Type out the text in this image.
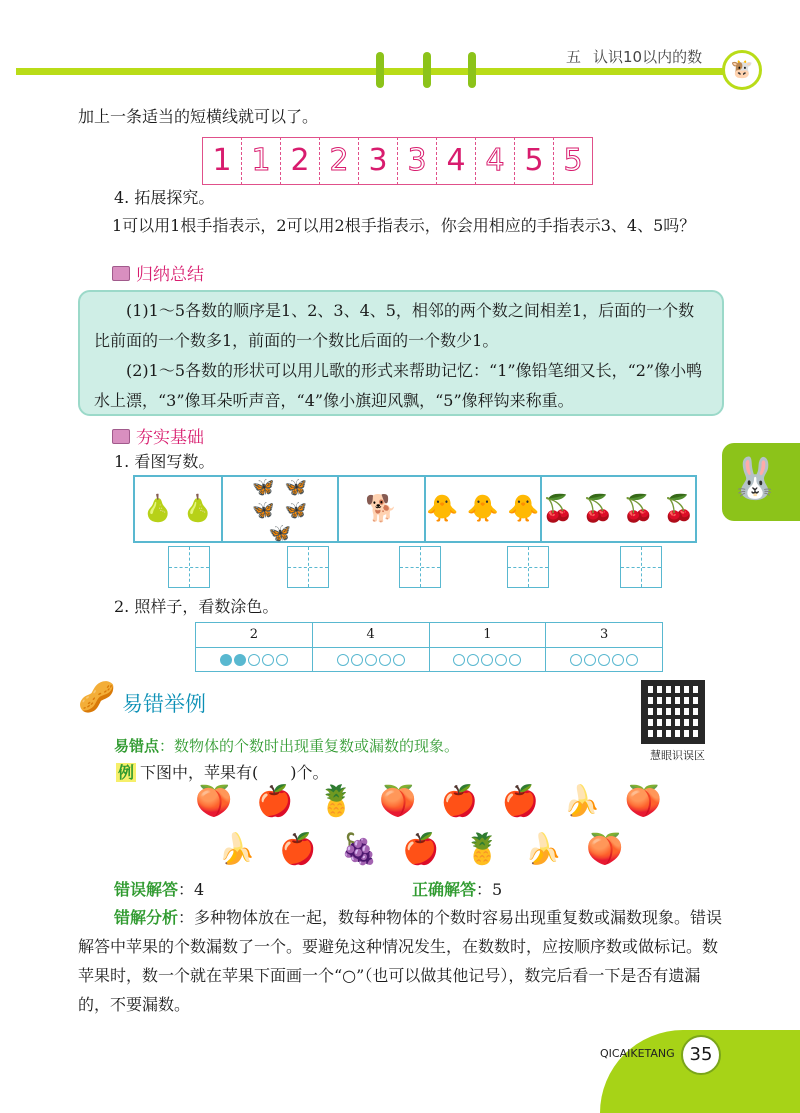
五 认识10以内的数
🐮

加上一条适当的短横线就可以了。

1 1 2 2 3 3 4 4 5 5

4. 拓展探究。

1可以用1根手指表示，2可以用2根手指表示，你会用相应的手指表示3、4、5吗？

归纳总结

(1)1～5各数的顺序是1、2、3、4、5，相邻的两个数之间相差1，后面的一个数比前面的一个数多1，前面的一个数比后面的一个数少1。

(2)1～5各数的形状可以用儿歌的形式来帮助记忆：“1”像铅笔细又长，“2”像小鸭水上漂，“3”像耳朵听声音，“4”像小旗迎风飘，“5”像秤钩来称重。

🐰
夯实基础

1. 看图写数。

🍐 🍐
🦋 🦋
🦋 🦋
🦋
🐕 🐥 🐥 🐥 🍒 🍒 🍒 🍒

2. 照样子，看数涂色。

2	4	1	3
🥜 易错举例
慧眼识误区
易错点：数物体的个数时出现重复数或漏数的现象。
例 下图中，苹果有(　　)个。
🍑 🍎 🍍 🍑 🍎 🍎 🍌 🍑
🍌 🍎 🍇 🍎 🍍 🍌 🍑
错误解答：4	正确解答：5

错解分析：多种物体放在一起，数每种物体的个数时容易出现重复数或漏数现象。错误解答中苹果的个数漏数了一个。要避免这种情况发生，在数数时，应按顺序数或做标记。数苹果时，数一个就在苹果下面画一个“○”（也可以做其他记号），数完后看一下是否有遗漏的，不要漏数。

QICAIKETANG 35
